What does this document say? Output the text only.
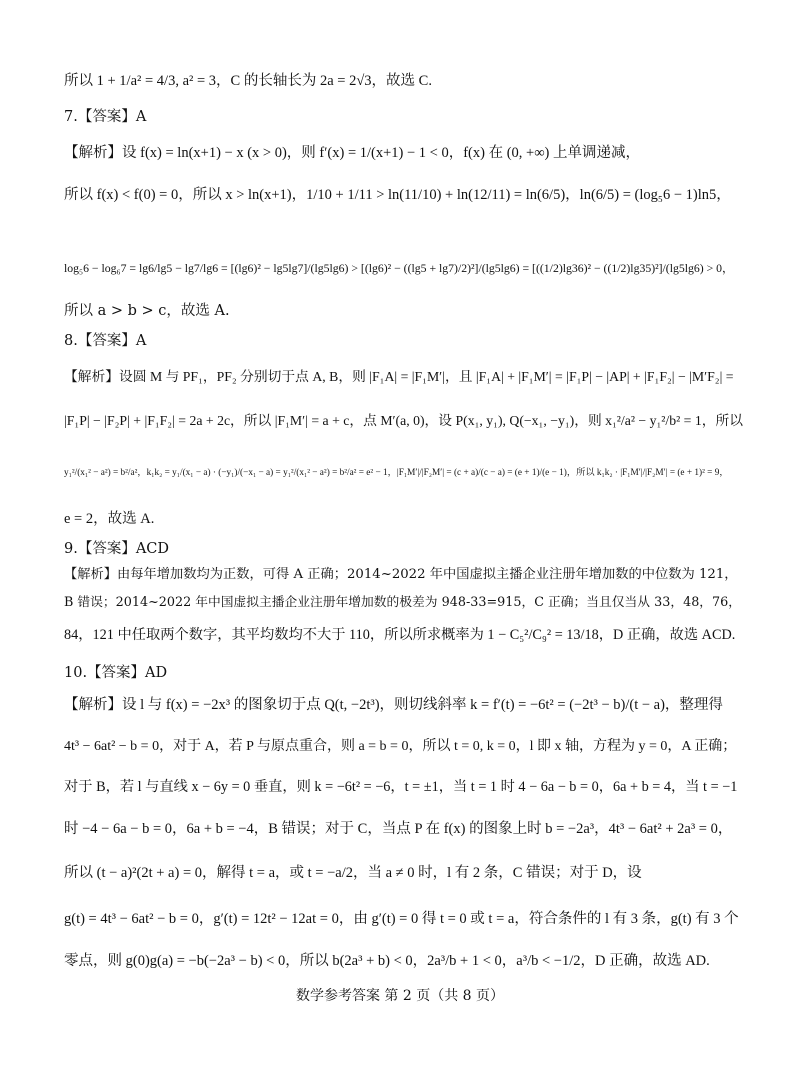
所以 1 + 1/a² = 4/3, a² = 3，C 的长轴长为 2a = 2√3，故选 C.
7.【答案】A
【解析】设 f(x) = ln(x+1) − x (x > 0)，则 f′(x) = 1/(x+1) − 1 < 0，f(x) 在 (0, +∞) 上单调递减，
所以 f(x) < f(0) = 0，所以 x > ln(x+1)，1/10 + 1/11 > ln(11/10) + ln(12/11) = ln(6/5)，ln(6/5) = (log₅6 − 1)ln5，
log₅6 − log₆7 = lg6/lg5 − lg7/lg6 = [(lg6)² − lg5lg7]/(lg5lg6) > [(lg6)² − ((lg5 + lg7)/2)²]/(lg5lg6) = [((1/2)lg36)² − ((1/2)lg35)²]/(lg5lg6) > 0，
所以 a > b > c，故选 A.
8.【答案】A
【解析】设圆 M 与 PF₁，PF₂ 分别切于点 A, B，则 |F₁A| = |F₁M′|，且 |F₁A| + |F₁M′| = |F₁P| − |AP| + |F₁F₂| − |M′F₂| =
|F₁P| − |F₂P| + |F₁F₂| = 2a + 2c，所以 |F₁M′| = a + c，点 M′(a, 0)，设 P(x₁, y₁), Q(−x₁, −y₁)，则 x₁²/a² − y₁²/b² = 1，所以
y₁²/(x₁² − a²) = b²/a²，k₁k₂ = y₁/(x₁ − a) · (−y₁)/(−x₁ − a) = y₁²/(x₁² − a²) = b²/a² = e² − 1，|F₁M′|/|F₂M′| = (c + a)/(c − a) = (e + 1)/(e − 1)，所以 k₁k₂ · |F₁M′|/|F₂M′| = (e + 1)² = 9，
e = 2，故选 A.
9.【答案】ACD
【解析】由每年增加数均为正数，可得 A 正确；2014~2022 年中国虚拟主播企业注册年增加数的中位数为 121，
B 错误；2014~2022 年中国虚拟主播企业注册年增加数的极差为 948-33=915，C 正确；当且仅当从 33，48，76，
84，121 中任取两个数字，其平均数均不大于 110，所以所求概率为 1 − C₅²/C₉² = 13/18，D 正确，故选 ACD.
10.【答案】AD
【解析】设 l 与 f(x) = −2x³ 的图象切于点 Q(t, −2t³)，则切线斜率 k = f′(t) = −6t² = (−2t³ − b)/(t − a)，整理得
4t³ − 6at² − b = 0，对于 A，若 P 与原点重合，则 a = b = 0，所以 t = 0, k = 0，l 即 x 轴，方程为 y = 0，A 正确；
对于 B，若 l 与直线 x − 6y = 0 垂直，则 k = −6t² = −6，t = ±1，当 t = 1 时 4 − 6a − b = 0，6a + b = 4，当 t = −1
时 −4 − 6a − b = 0，6a + b = −4，B 错误；对于 C，当点 P 在 f(x) 的图象上时 b = −2a³，4t³ − 6at² + 2a³ = 0，
所以 (t − a)²(2t + a) = 0，解得 t = a，或 t = −a/2，当 a ≠ 0 时，l 有 2 条，C 错误；对于 D，设
g(t) = 4t³ − 6at² − b = 0，g′(t) = 12t² − 12at = 0，由 g′(t) = 0 得 t = 0 或 t = a，符合条件的 l 有 3 条，g(t) 有 3 个
零点，则 g(0)g(a) = −b(−2a³ − b) < 0，所以 b(2a³ + b) < 0，2a³/b + 1 < 0，a³/b < −1/2，D 正确，故选 AD.
数学参考答案 第 2 页（共 8 页）
